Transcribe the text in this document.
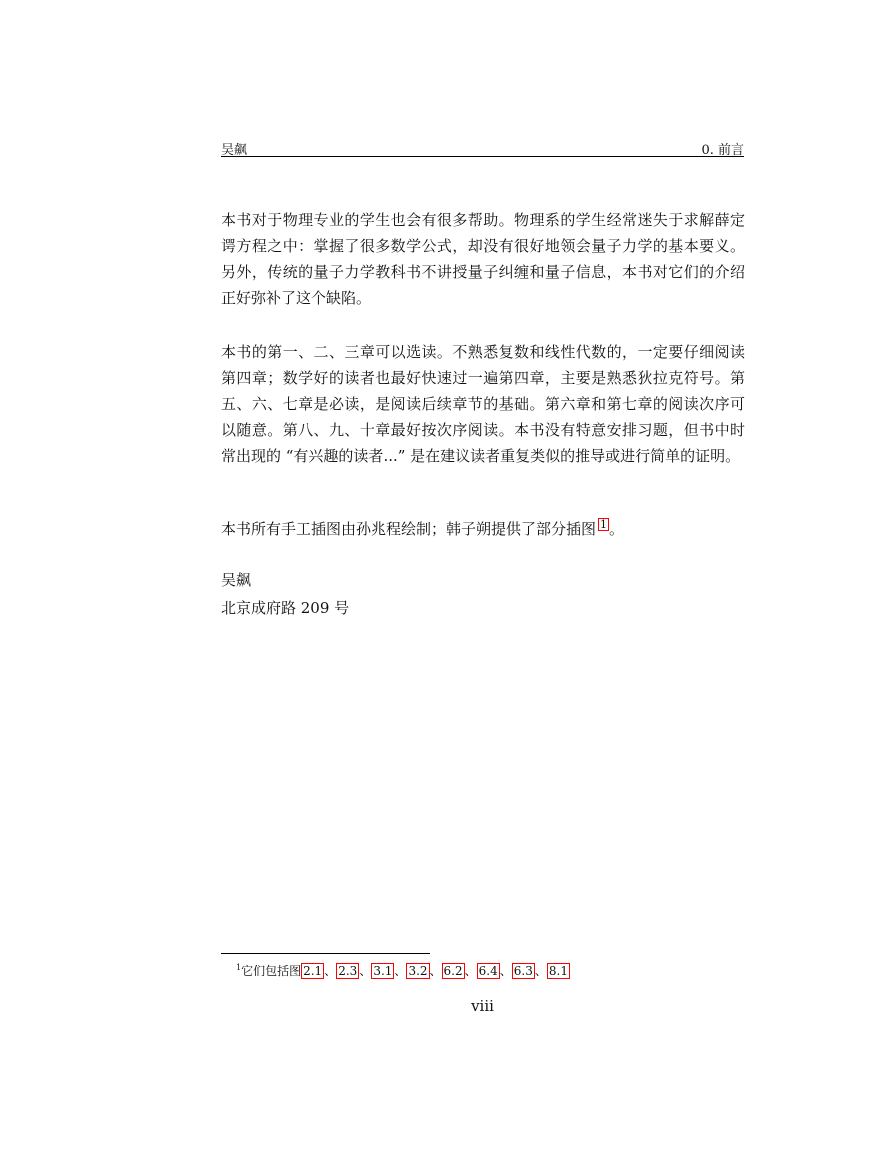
吴飙	0. 前言
本书对于物理专业的学生也会有很多帮助。物理系的学生经常迷失于求解薛定谔方程之中：掌握了很多数学公式，却没有很好地领会量子力学的基本要义。另外，传统的量子力学教科书不讲授量子纠缠和量子信息，本书对它们的介绍正好弥补了这个缺陷。
本书的第一、二、三章可以选读。不熟悉复数和线性代数的，一定要仔细阅读第四章；数学好的读者也最好快速过一遍第四章，主要是熟悉狄拉克符号。第五、六、七章是必读，是阅读后续章节的基础。第六章和第七章的阅读次序可以随意。第八、九、十章最好按次序阅读。本书没有特意安排习题，但书中时常出现的 “有兴趣的读者...” 是在建议读者重复类似的推导或进行简单的证明。
本书所有手工插图由孙兆程绘制；韩子朔提供了部分插图 1 。
吴飙
北京成府路 209 号
$^1$它们包括图 2.1 、 2.3 、 3.1 、 3.2 、 6.2 、 6.4 、 6.3 、 8.1
viii
